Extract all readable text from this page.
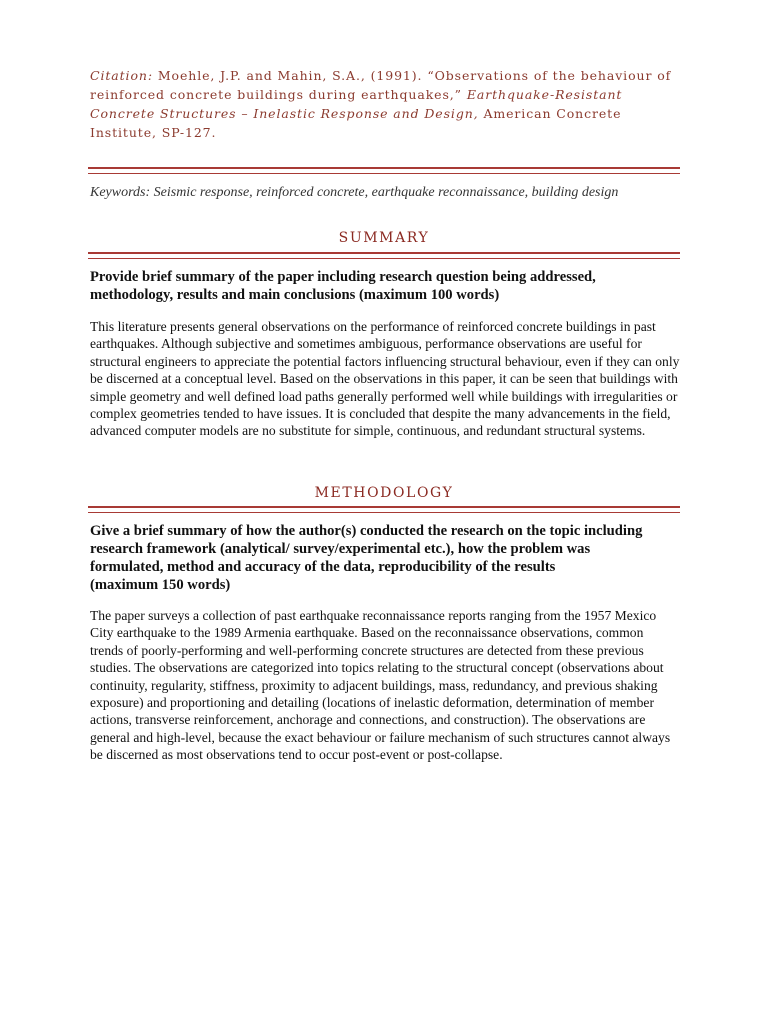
Citation: Moehle, J.P. and Mahin, S.A., (1991). “Observations of the behaviour of reinforced concrete buildings during earthquakes,” Earthquake-Resistant Concrete Structures – Inelastic Response and Design, American Concrete Institute, SP-127.
Keywords: Seismic response, reinforced concrete, earthquake reconnaissance, building design
SUMMARY
Provide brief summary of the paper including research question being addressed,
methodology, results and main conclusions (maximum 100 words)
This literature presents general observations on the performance of reinforced concrete buildings in past earthquakes. Although subjective and sometimes ambiguous, performance observations are useful for structural engineers to appreciate the potential factors influencing structural behaviour, even if they can only be discerned at a conceptual level. Based on the observations in this paper, it can be seen that buildings with simple geometry and well defined load paths generally performed well while buildings with irregularities or complex geometries tended to have issues. It is concluded that despite the many advancements in the field, advanced computer models are no substitute for simple, continuous, and redundant structural systems.
METHODOLOGY
Give a brief summary of how the author(s) conducted the research on the topic including
research framework (analytical/ survey/experimental etc.), how the problem was
formulated, method and accuracy of the data, reproducibility of the results
(maximum 150 words)
The paper surveys a collection of past earthquake reconnaissance reports ranging from the 1957 Mexico City earthquake to the 1989 Armenia earthquake. Based on the reconnaissance observations, common trends of poorly-performing and well-performing concrete structures are detected from these previous studies. The observations are categorized into topics relating to the structural concept (observations about continuity, regularity, stiffness, proximity to adjacent buildings, mass, redundancy, and previous shaking exposure) and proportioning and detailing (locations of inelastic deformation, determination of member actions, transverse reinforcement, anchorage and connections, and construction). The observations are general and high-level, because the exact behaviour or failure mechanism of such structures cannot always be discerned as most observations tend to occur post-event or post-collapse.
